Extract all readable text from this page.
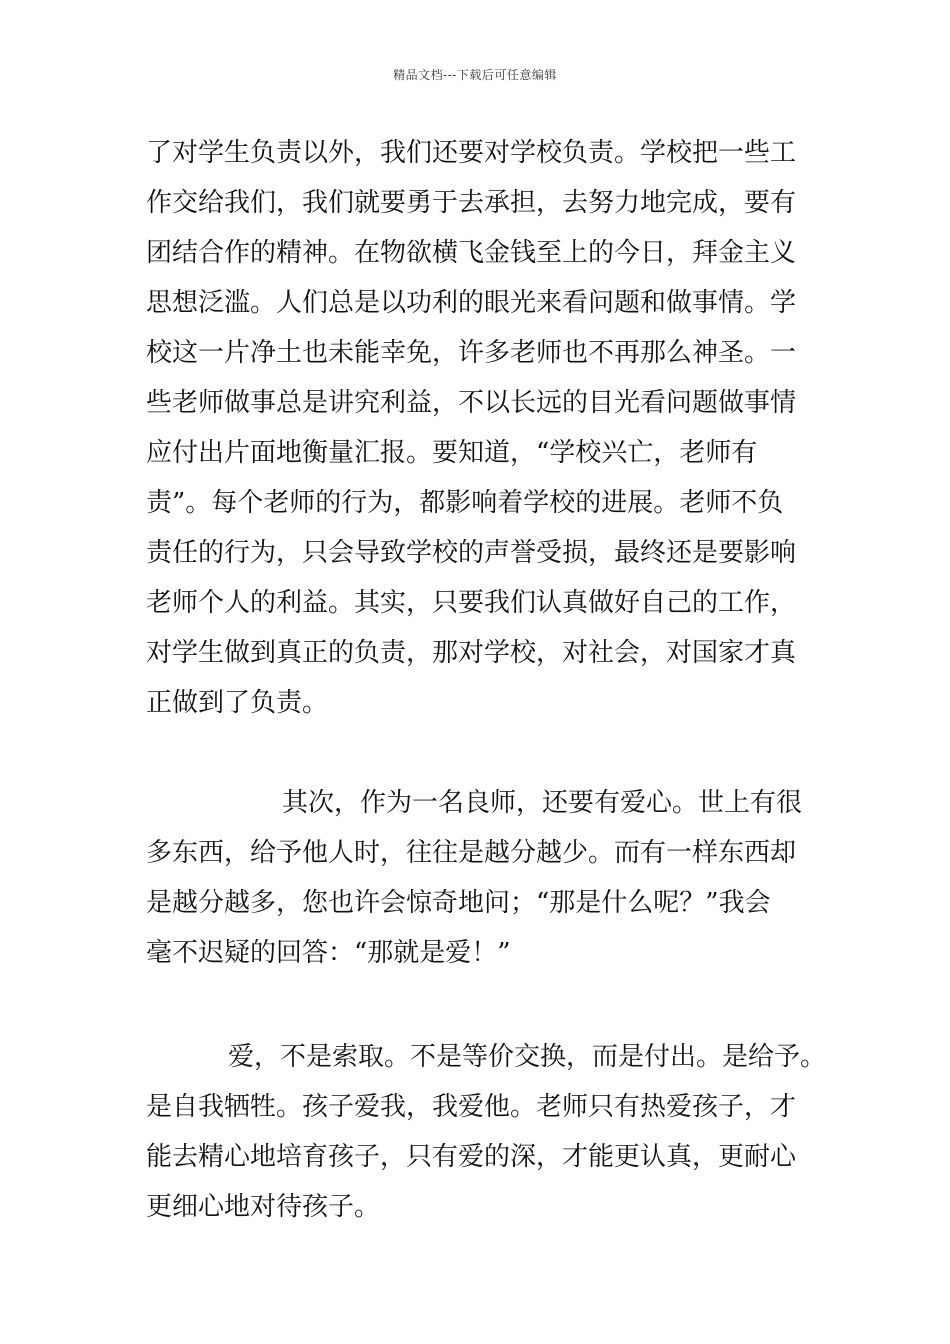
精品文档---下载后可任意编辑
了对学生负责以外，我们还要对学校负责。学校把一些工
作交给我们，我们就要勇于去承担，去努力地完成，要有
团结合作的精神。在物欲横飞金钱至上的今日，拜金主义
思想泛滥。人们总是以功利的眼光来看问题和做事情。学
校这一片净土也未能幸免，许多老师也不再那么神圣。一
些老师做事总是讲究利益，不以长远的目光看问题做事情
应付出片面地衡量汇报。要知道，“学校兴亡，老师有
责”。每个老师的行为，都影响着学校的进展。老师不负
责任的行为，只会导致学校的声誉受损，最终还是要影响
老师个人的利益。其实，只要我们认真做好自己的工作，
对学生做到真正的负责，那对学校，对社会，对国家才真
正做到了负责。
其次，作为一名良师，还要有爱心。世上有很
多东西，给予他人时，往往是越分越少。而有一样东西却
是越分越多，您也许会惊奇地问；“那是什么呢？”我会
毫不迟疑的回答：“那就是爱！”
爱，不是索取。不是等价交换，而是付出。是给予。
是自我牺牲。孩子爱我，我爱他。老师只有热爱孩子，才
能去精心地培育孩子，只有爱的深，才能更认真，更耐心
更细心地对待孩子。
